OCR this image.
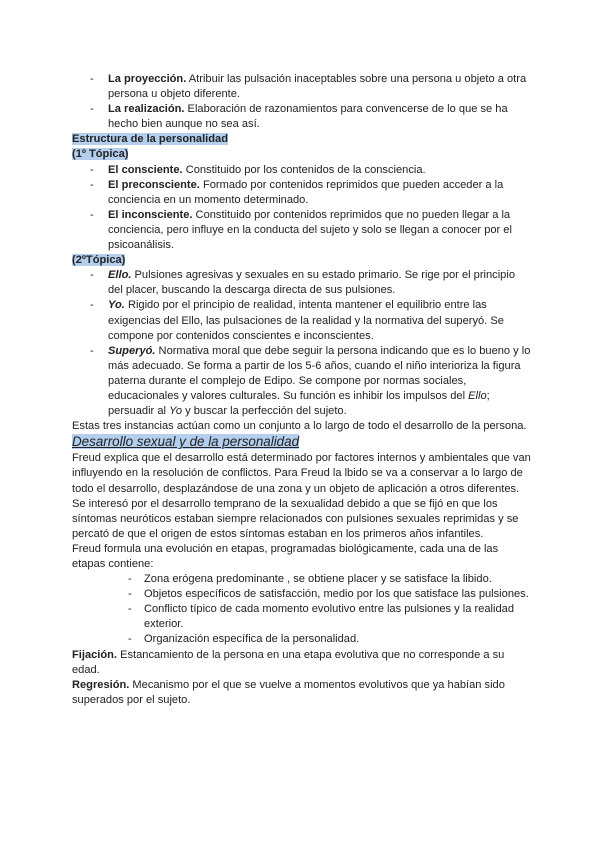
- La proyección. Atribuir las pulsación inaceptables sobre una persona u objeto a otra persona u objeto diferente.
- La realización. Elaboración de razonamientos para convencerse de lo que se ha hecho bien aunque no sea así.
Estructura de la personalidad
(1º Tópica)
- El consciente. Constituido por los contenidos de la consciencia.
- El preconsciente. Formado por contenidos reprimidos que pueden acceder a la conciencia en un momento determinado.
- El inconsciente. Constituido por contenidos reprimidos que no pueden llegar a la conciencia, pero influye en la conducta del sujeto y solo se llegan a conocer por el psicoanálisis.
(2ºTópica)
- Ello. Pulsiones agresivas y sexuales en su estado primario. Se rige por el principio del placer, buscando la descarga directa de sus pulsiones.
- Yo. Rigido por el principio de realidad, intenta mantener el equilibrio entre las exigencias del Ello, las pulsaciones de la realidad y la normativa del superyó. Se compone por contenidos conscientes e inconscientes.
- Superyó. Normativa moral que debe seguir la persona indicando que es lo bueno y lo más adecuado. Se forma a partir de los 5-6 años, cuando el niño interioriza la figura paterna durante el complejo de Edipo. Se compone por normas sociales, educacionales y valores culturales. Su función es inhibir los impulsos del Ello; persuadir al Yo y buscar la perfección del sujeto.

Estas tres instancias actúan como un conjunto a lo largo de todo el desarrollo de la persona.

Desarrollo sexual y de la personalidad

Freud explica que el desarrollo está determinado por factores internos y ambientales que van influyendo en la resolución de conflictos. Para Freud la lbido se va a conservar a lo largo de todo el desarrollo, desplazándose de una zona y un objeto de aplicación a otros diferentes. Se interesó por el desarrollo temprano de la sexualidad debido a que se fijó en que los síntomas neuróticos estaban siempre relacionados con pulsiones sexuales reprimidas y se percató de que el origen de estos síntomas estaban en los primeros años infantiles.

Freud formula una evolución en etapas, programadas biológicamente, cada una de las etapas contiene:

- Zona erógena predominante , se obtiene placer y se satisface la libido.
- Objetos específicos de satisfacción, medio por los que satisface las pulsiones.
- Conflicto típico de cada momento evolutivo entre las pulsiones y la realidad exterior.
- Organización específica de la personalidad.

Fijación. Estancamiento de la persona en una etapa evolutiva que no corresponde a su edad.

Regresión. Mecanismo por el que se vuelve a momentos evolutivos que ya habían sido superados por el sujeto.
